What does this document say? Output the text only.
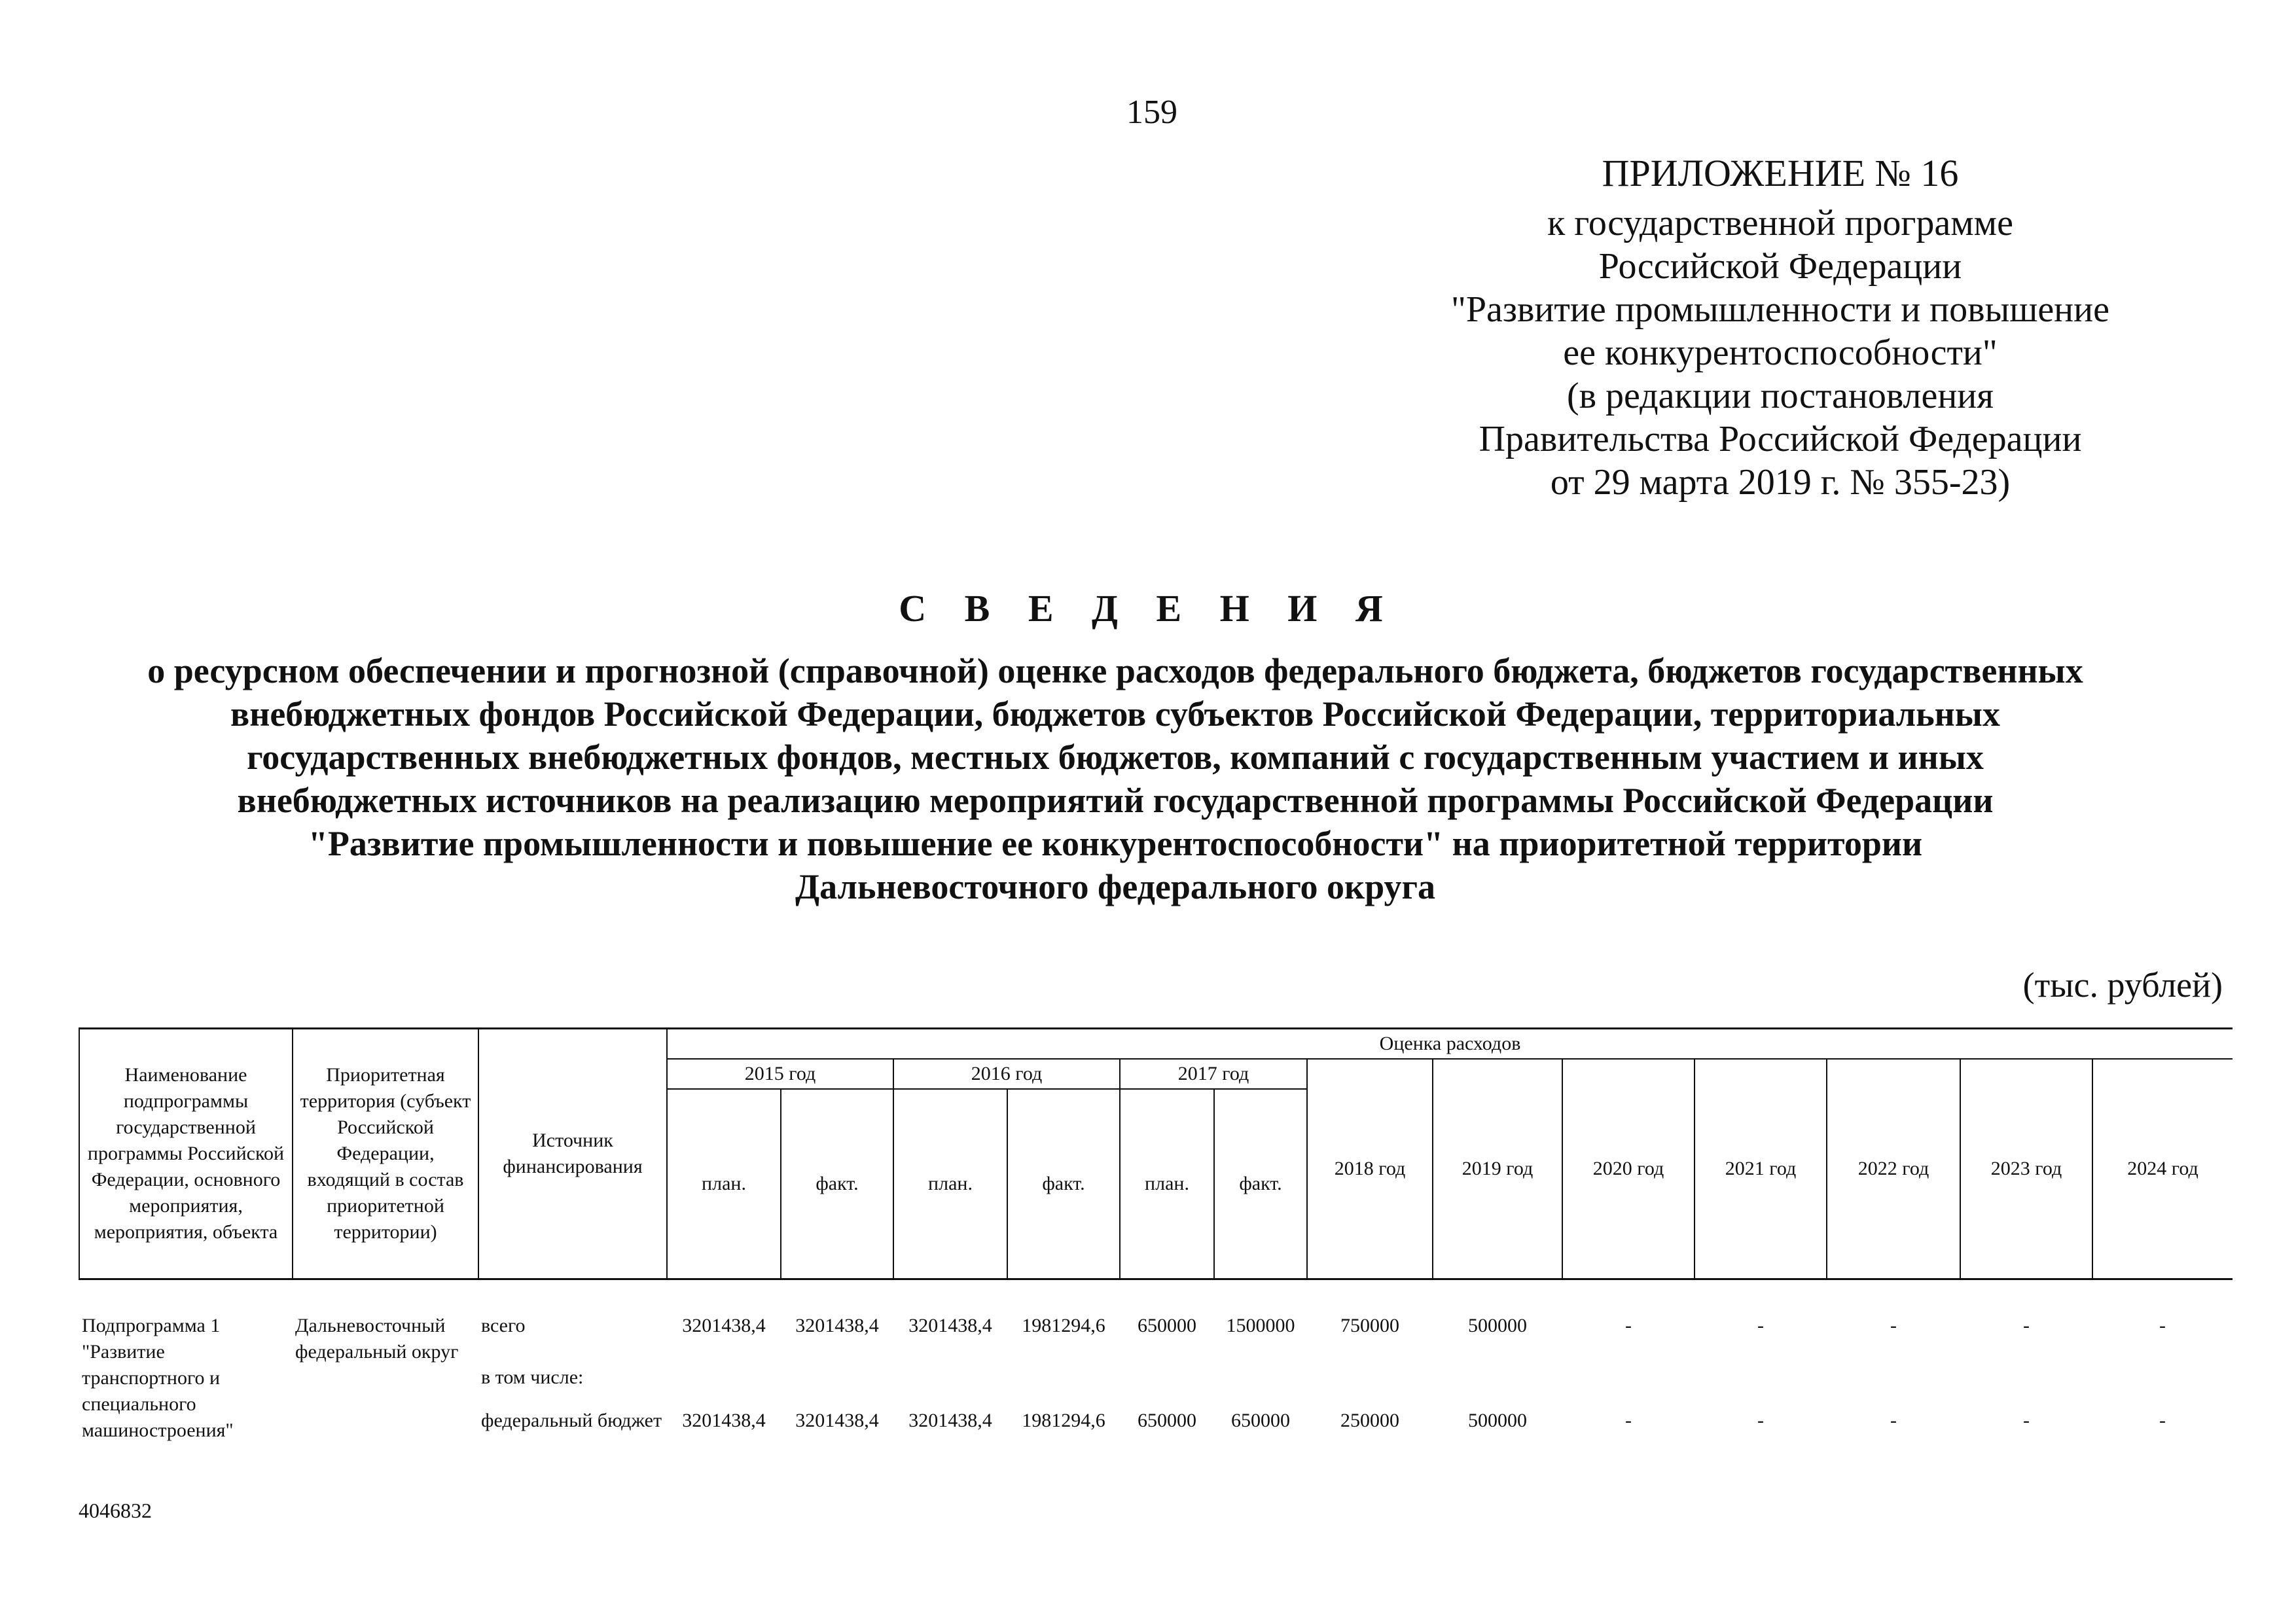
159
ПРИЛОЖЕНИЕ № 16
к государственной программе
Российской Федерации
"Развитие промышленности и повышение
ее конкурентоспособности"
(в редакции постановления
Правительства Российской Федерации
от 29 марта 2019 г. № 355-23)
С В Е Д Е Н И Я
о ресурсном обеспечении и прогнозной (справочной) оценке расходов федерального бюджета, бюджетов государственных
внебюджетных фондов Российской Федерации, бюджетов субъектов Российской Федерации, территориальных
государственных внебюджетных фондов, местных бюджетов, компаний с государственным участием и иных
внебюджетных источников на реализацию мероприятий государственной программы Российской Федерации
"Развитие промышленности и повышение ее конкурентоспособности" на приоритетной территории
Дальневосточного федерального округа
(тыс. рублей)
Наименование подпрограммы государственной программы Российской Федерации, основного мероприятия, мероприятия, объекта	Приоритетная территория (субъект Российской Федерации, входящий в состав приоритетной территории)	Источник финансирования	Оценка расходов												
			2015 год		2016 год		2017 год		2018 год	2019 год	2020 год	2021 год	2022 год	2023 год	2024 год
			план.	факт.	план.	факт.	план.	факт.							
Подпрограмма 1 "Развитие транспортного и специального машиностроения"	Дальневосточный федеральный округ	всего	3201438,4	3201438,4	3201438,4	1981294,6	650000	1500000	750000	500000	-	-	-	-	-
		в том числе:													
		федеральный бюджет	3201438,4	3201438,4	3201438,4	1981294,6	650000	650000	250000	500000	-	-	-	-	-
4046832
